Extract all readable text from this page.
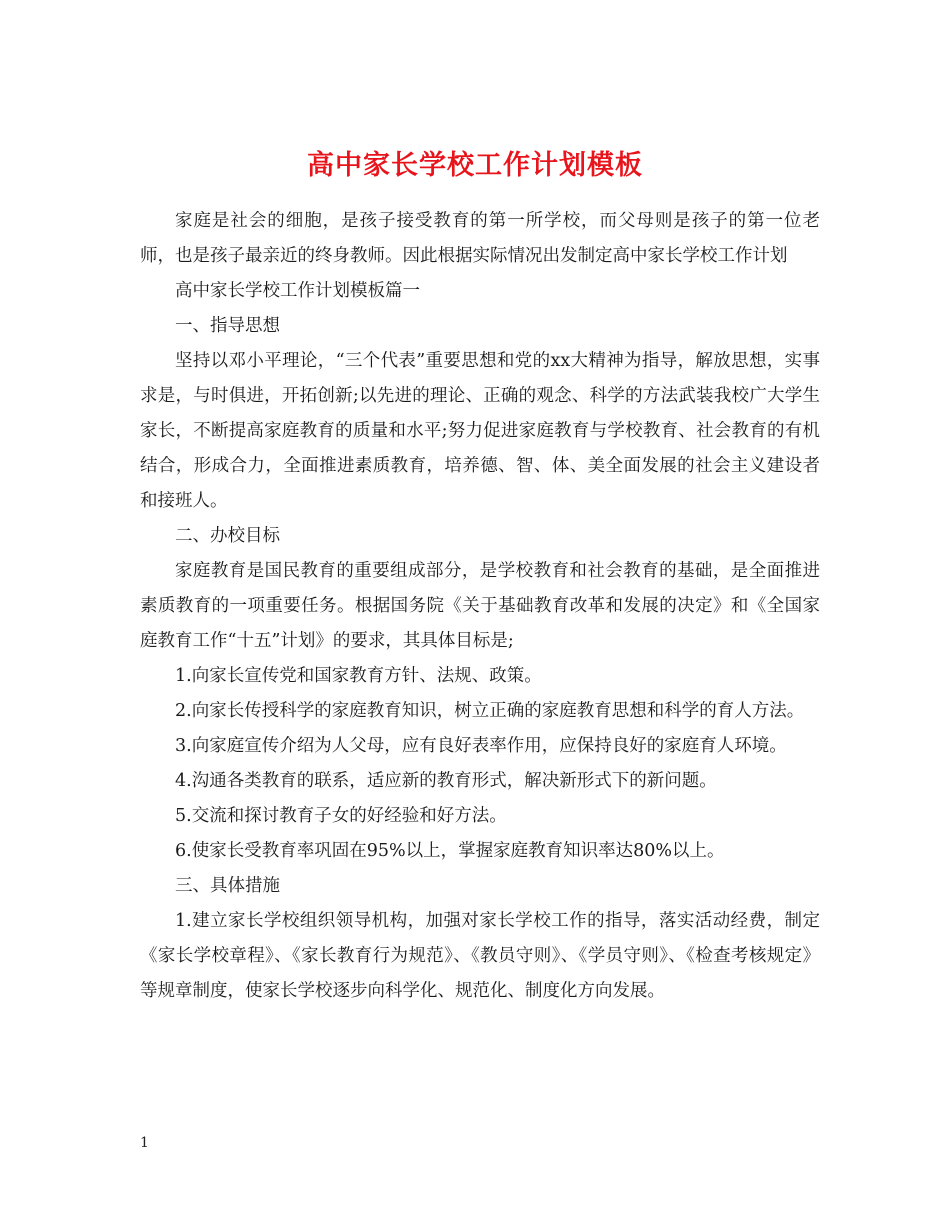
高中家长学校工作计划模板

家庭是社会的细胞，是孩子接受教育的第一所学校，而父母则是孩子的第一位老师，也是孩子最亲近的终身教师。因此根据实际情况出发制定高中家长学校工作计划

高中家长学校工作计划模板篇一

一、指导思想

坚持以邓小平理论，“三个代表”重要思想和党的xx大精神为指导，解放思想，实事求是，与时俱进，开拓创新;以先进的理论、正确的观念、科学的方法武装我校广大学生家长，不断提高家庭教育的质量和水平;努力促进家庭教育与学校教育、社会教育的有机结合，形成合力，全面推进素质教育，培养德、智、体、美全面发展的社会主义建设者和接班人。

二、办校目标

家庭教育是国民教育的重要组成部分，是学校教育和社会教育的基础，是全面推进素质教育的一项重要任务。根据国务院《关于基础教育改革和发展的决定》和《全国家庭教育工作“十五”计划》的要求，其具体目标是;

1.向家长宣传党和国家教育方针、法规、政策。

2.向家长传授科学的家庭教育知识，树立正确的家庭教育思想和科学的育人方法。

3.向家庭宣传介绍为人父母，应有良好表率作用，应保持良好的家庭育人环境。

4.沟通各类教育的联系，适应新的教育形式，解决新形式下的新问题。

5.交流和探讨教育子女的好经验和好方法。

6.使家长受教育率巩固在95%以上，掌握家庭教育知识率达80%以上。

三、具体措施

1.建立家长学校组织领导机构，加强对家长学校工作的指导，落实活动经费，制定《家长学校章程》、《家长教育行为规范》、《教员守则》、《学员守则》、《检查考核规定》等规章制度，使家长学校逐步向科学化、规范化、制度化方向发展。

1
